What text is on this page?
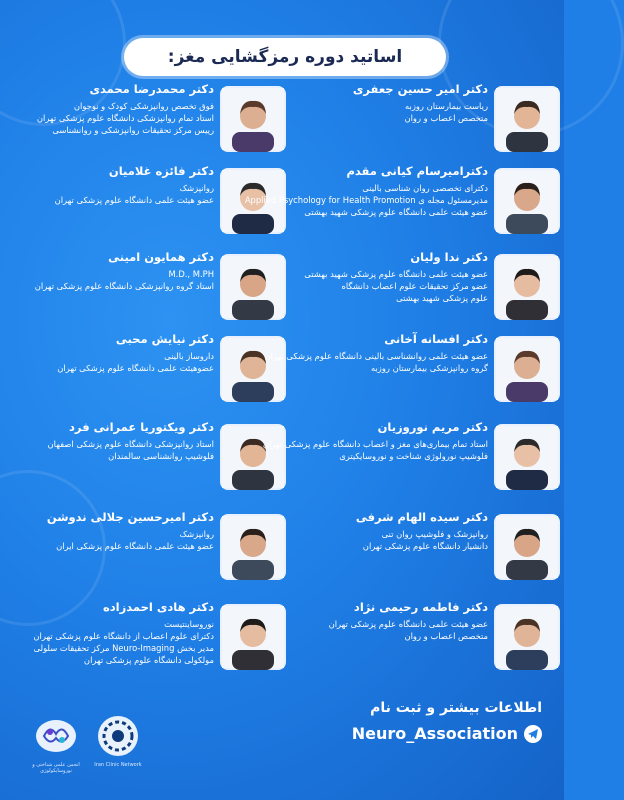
اساتید دوره رمزگشایی مغز:
دکتر محمدرضا محمدی
فوق تخصص روانپزشکی کودک و نوجوان
استاد تمام روانپزشکی دانشگاه علوم پزشکی تهران
رییس مرکز تحقیقات روانپزشکی و روانشناسی
دکتر فائزه غلامیان
روانپزشک
عضو هیئت علمی دانشگاه علوم پزشکی تهران
دکتر همایون امینی
M.D., M.PH
استاد گروه روانپزشکی دانشگاه علوم پزشکی تهران
دکتر نیایش محبی
داروساز بالینی
عضوهیئت علمی دانشگاه علوم پزشکی تهران
دکتر ویکتوریا عمرانی فرد
استاد روانپزشکی دانشگاه علوم پزشکی اصفهان
فلوشیپ روانشناسی سالمندان
دکتر امیرحسین جلالی ندوشن
روانپزشک
عضو هیئت علمی دانشگاه علوم پزشکی ایران
دکتر هادی احمدزاده
نوروساینتیست
دکترای علوم اعصاب از دانشگاه علوم پزشکی تهران
مدیر بخش Neuro-Imaging مرکز تحقیقات سلولی
مولکولی دانشگاه علوم پزشکی تهران
دکتر امیر حسین جعفری
ریاست بیمارستان روزبه
متخصص اعصاب و روان
دکترامیرسام کیانی مقدم
دکترای تخصصی روان شناسی بالینی
مدیرمسئول مجله ی Applied Psychology for Health Promotion
عضو هیئت علمی دانشگاه علوم پزشکی شهید بهشتی
دکتر ندا ولیان
عضو هیئت علمی دانشگاه علوم پزشکی شهید بهشتی
عضو مرکز تحقیقات علوم اعصاب دانشگاه
علوم پزشکی شهید بهشتی
دکتر افسانه آخانی
عضو هیئت علمی روانشناسی بالینی دانشگاه علوم پزشکی تهران
گروه روانپزشکی بیمارستان روزبه
دکتر مریم نوروزیان
استاد تمام بیماری‌های مغز و اعصاب دانشگاه علوم پزشکی تهران
فلوشیپ نورولوژی شناخت و نوروسایکیتری
دکتر سیده الهام شرفی
روانپزشک و فلوشیپ روان تنی
دانشیار دانشگاه علوم پزشکی تهران
دکتر فاطمه رحیمی نژاد
عضو هیئت علمی دانشگاه علوم پزشکی تهران
متخصص اعصاب و روان
اطلاعات بیشتر و ثبت نام
Neuro_Association
انجمن علمی شناختی و نوروسایکولوژی
Iran Clinic Network
